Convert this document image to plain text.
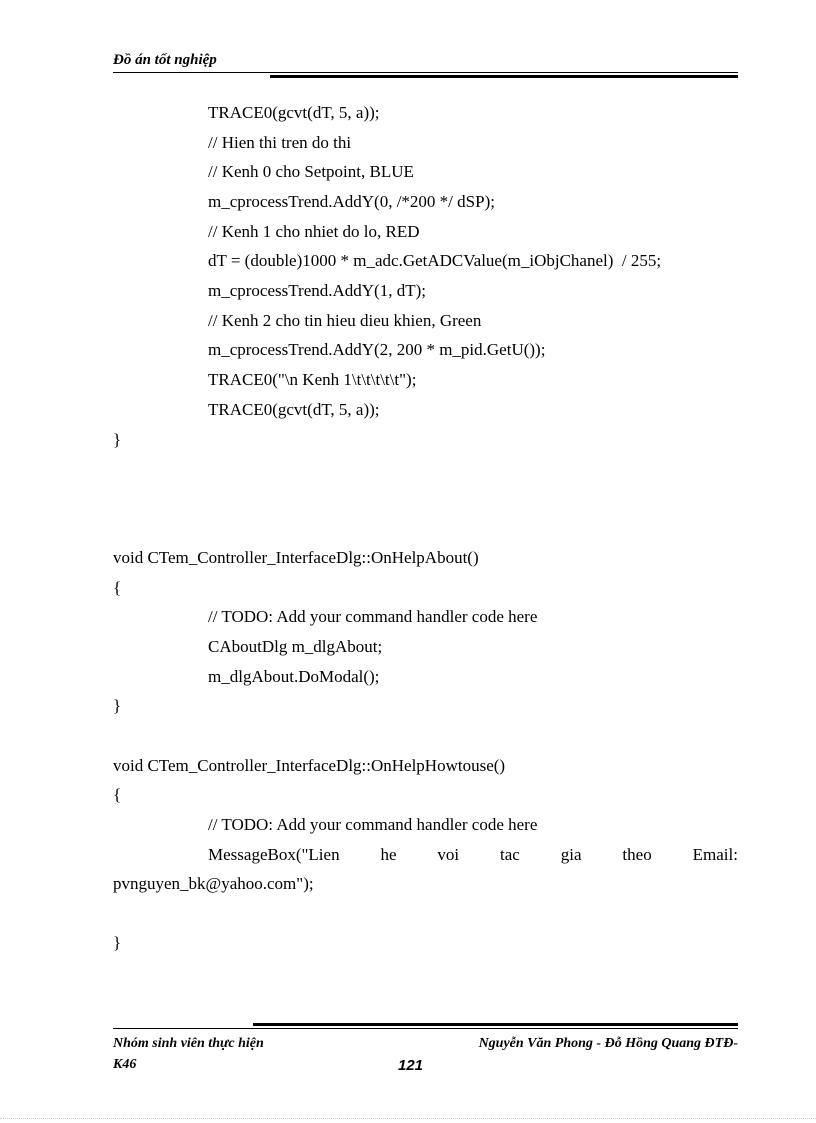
Đồ án tốt nghiệp
TRACE0(gcvt(dT, 5, a));
// Hien thi tren do thi
// Kenh 0 cho Setpoint, BLUE
m_cprocessTrend.AddY(0, /*200 */ dSP);
// Kenh 1 cho nhiet do lo, RED
dT = (double)1000 * m_adc.GetADCValue(m_iObjChanel)  / 255;
m_cprocessTrend.AddY(1, dT);
// Kenh 2 cho tin hieu dieu khien, Green
m_cprocessTrend.AddY(2, 200 * m_pid.GetU());
TRACE0("\n Kenh 1\t\t\t\t\t");
TRACE0(gcvt(dT, 5, a));
}
void CTem_Controller_InterfaceDlg::OnHelpAbout()
{
// TODO: Add your command handler code here
CAboutDlg m_dlgAbout;
m_dlgAbout.DoModal();
}
void CTem_Controller_InterfaceDlg::OnHelpHowtouse()
{
// TODO: Add your command handler code here
MessageBox("Lien he voi tac gia theo Email:
pvnguyen_bk@yahoo.com");
}
Nhóm sinh viên thực hiện	Nguyễn Văn Phong - Đỗ Hồng Quang ĐTĐ-
K46	121
